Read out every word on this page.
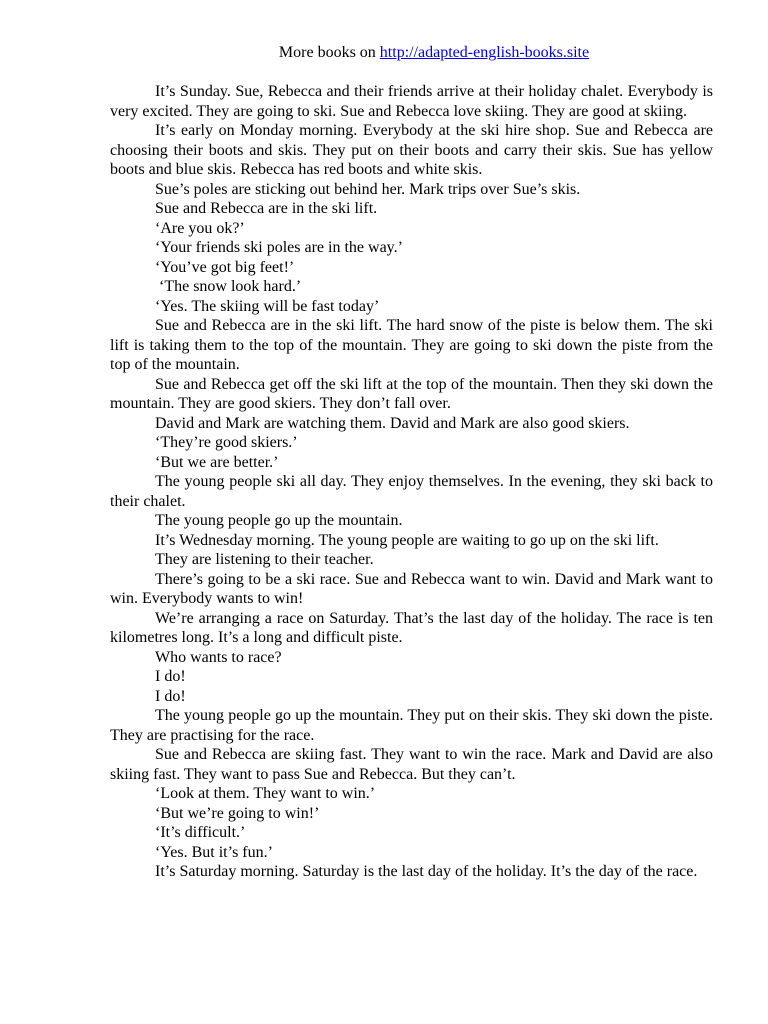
More books on http://adapted-english-books.site

It’s Sunday. Sue, Rebecca and their friends arrive at their holiday chalet. Everybody is very excited. They are going to ski. Sue and Rebecca love skiing. They are good at skiing.

It’s early on Monday morning. Everybody at the ski hire shop. Sue and Rebecca are choosing their boots and skis. They put on their boots and carry their skis. Sue has yellow boots and blue skis. Rebecca has red boots and white skis.

Sue’s poles are sticking out behind her. Mark trips over Sue’s skis.

Sue and Rebecca are in the ski lift.

‘Are you ok?’

‘Your friends ski poles are in the way.’

‘You’ve got big feet!’

‘The snow look hard.’

‘Yes. The skiing will be fast today’

Sue and Rebecca are in the ski lift. The hard snow of the piste is below them. The ski lift is taking them to the top of the mountain. They are going to ski down the piste from the top of the mountain.

Sue and Rebecca get off the ski lift at the top of the mountain. Then they ski down the mountain. They are good skiers. They don’t fall over.

David and Mark are watching them. David and Mark are also good skiers.

‘They’re good skiers.’

‘But we are better.’

The young people ski all day. They enjoy themselves. In the evening, they ski back to their chalet.

The young people go up the mountain.

It’s Wednesday morning. The young people are waiting to go up on the ski lift.

They are listening to their teacher.

There’s going to be a ski race. Sue and Rebecca want to win. David and Mark want to win. Everybody wants to win!

We’re arranging a race on Saturday. That’s the last day of the holiday. The race is ten kilometres long. It’s a long and difficult piste.

Who wants to race?

I do!

I do!

The young people go up the mountain. They put on their skis. They ski down the piste. They are practising for the race.

Sue and Rebecca are skiing fast. They want to win the race. Mark and David are also skiing fast. They want to pass Sue and Rebecca. But they can’t.

‘Look at them. They want to win.’

‘But we’re going to win!’

‘It’s difficult.’

‘Yes. But it’s fun.’

It’s Saturday morning. Saturday is the last day of the holiday. It’s the day of the race.
